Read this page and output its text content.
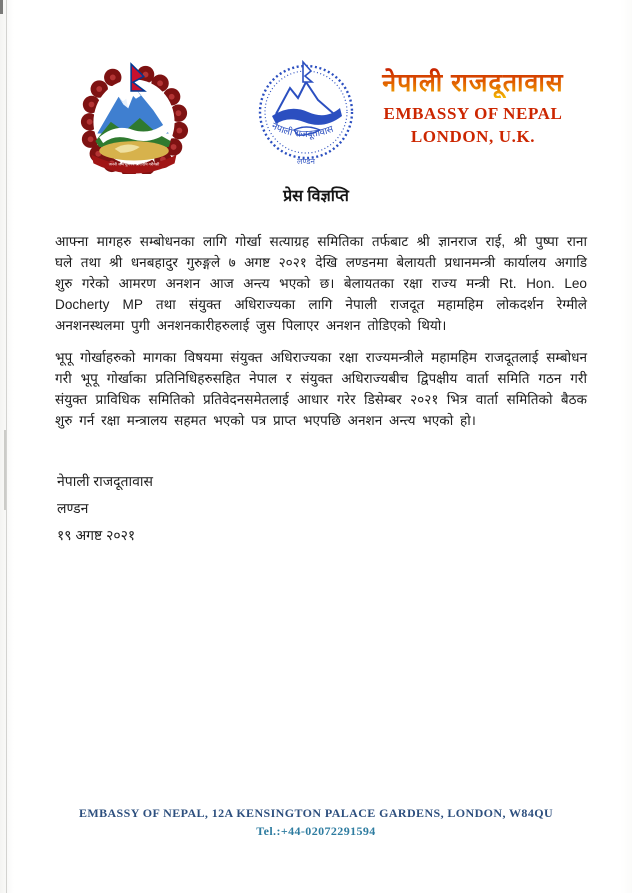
जननी जन्मभूमिश्च स्वर्गादपि गरीयसी
नेपाली राजदूतावास
लण्डन
नेपाली राजदूतावास
EMBASSY OF NEPAL
LONDON, U.K.
प्रेस विज्ञप्ति
आफ्ना मागहरु सम्बोधनका लागि गोर्खा सत्याग्रह समितिका तर्फबाट श्री ज्ञानराज राई, श्री पुष्पा राना घले तथा श्री धनबहादुर गुरुङ्गले ७ अगष्ट २०२१ देखि लण्डनमा बेलायती प्रधानमन्त्री कार्यालय अगाडि शुरु गरेको आमरण अनशन आज अन्त्य भएको छ। बेलायतका रक्षा राज्य मन्त्री Rt. Hon. Leo Docherty MP तथा संयुक्त अधिराज्यका लागि नेपाली राजदूत महामहिम लोकदर्शन रेग्मीले अनशनस्थलमा पुगी अनशनकारीहरुलाई जुस पिलाएर अनशन तोडिएको थियो।
भूपू गोर्खाहरुको मागका विषयमा संयुक्त अधिराज्यका रक्षा राज्यमन्त्रीले महामहिम राजदूतलाई सम्बोधन गरी भूपू गोर्खाका प्रतिनिधिहरुसहित नेपाल र संयुक्त अधिराज्यबीच द्विपक्षीय वार्ता समिति गठन गरी संयुक्त प्राविधिक समितिको प्रतिवेदनसमेतलाई आधार गरेर डिसेम्बर २०२१ भित्र वार्ता समितिको बैठक शुरु गर्न रक्षा मन्त्रालय सहमत भएको पत्र प्राप्त भएपछि अनशन अन्त्य भएको हो।
नेपाली राजदूतावास
लण्डन
१९ अगष्ट २०२१
EMBASSY OF NEPAL, 12A KENSINGTON PALACE GARDENS, LONDON, W84QU
Tel.:+44-02072291594
